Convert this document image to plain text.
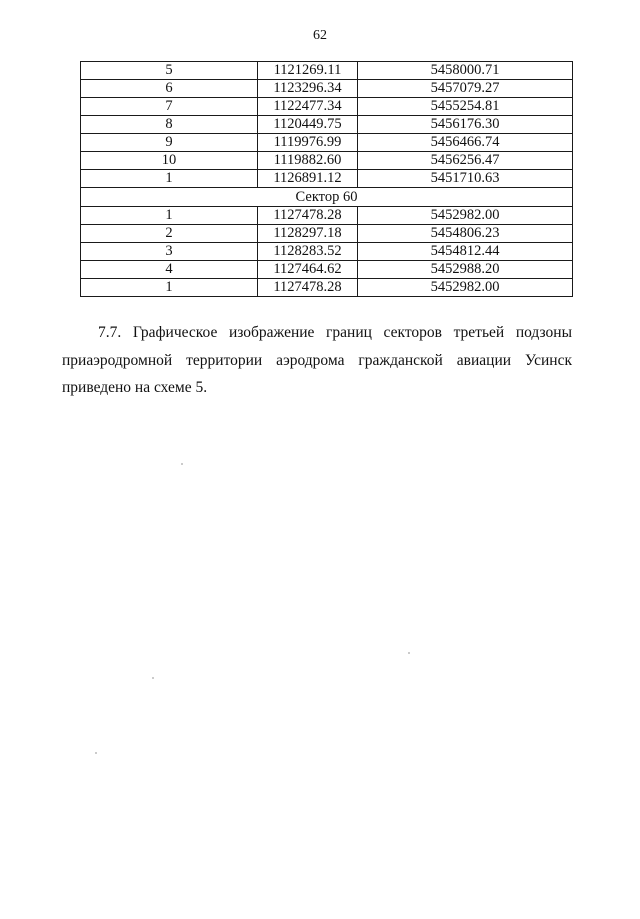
62
5	1121269.11	5458000.71
6	1123296.34	5457079.27
7	1122477.34	5455254.81
8	1120449.75	5456176.30
9	1119976.99	5456466.74
10	1119882.60	5456256.47
1	1126891.12	5451710.63
Сектор 60		
1	1127478.28	5452982.00
2	1128297.18	5454806.23
3	1128283.52	5454812.44
4	1127464.62	5452988.20
1	1127478.28	5452982.00

7.7. Графическое изображение границ секторов третьей подзоны приаэродромной территории аэродрома гражданской авиации Усинск приведено на схеме 5.
